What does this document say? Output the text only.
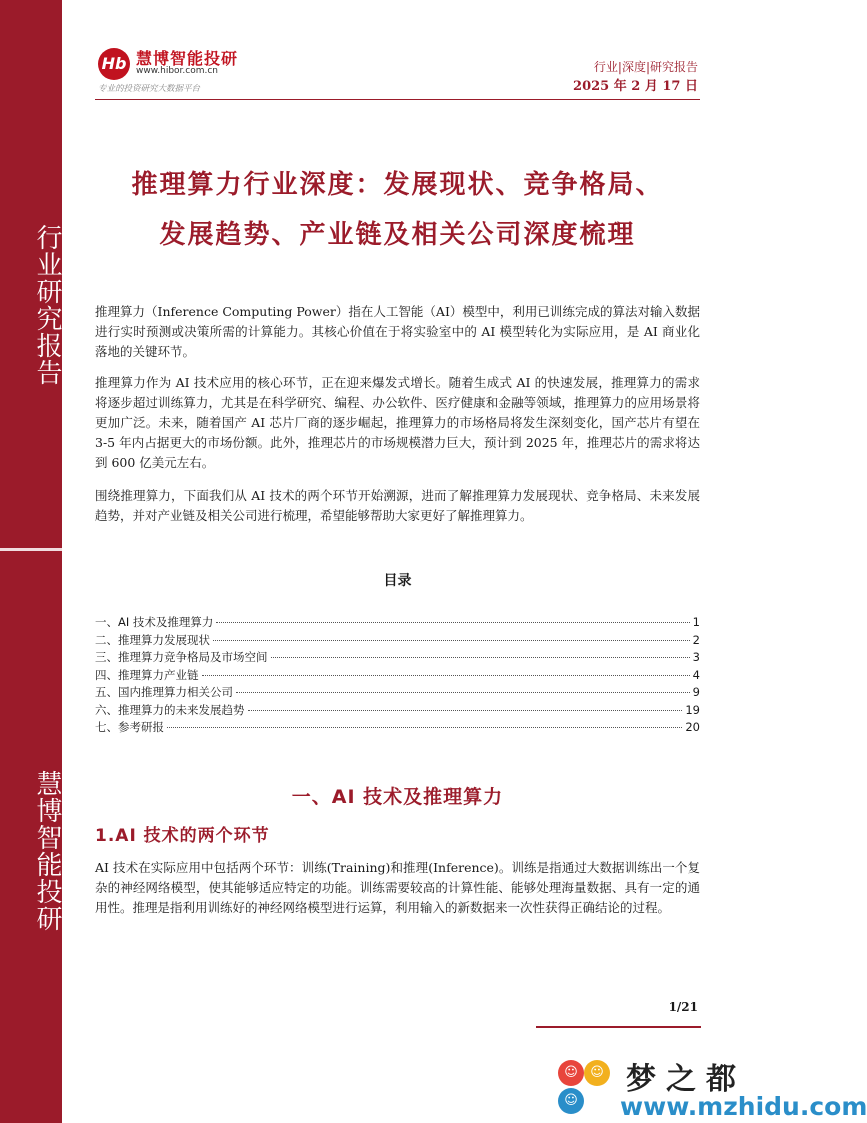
行业研究报告
慧博智能投研
Hb 慧博智能投研
www.hibor.com.cn
专业的投资研究大数据平台
行业|深度|研究报告
2025 年 2 月 17 日
推理算力行业深度：发展现状、竞争格局、
发展趋势、产业链及相关公司深度梳理

推理算力（Inference Computing Power）指在人工智能（AI）模型中，利用已训练完成的算法对输入数据进行实时预测或决策所需的计算能力。其核心价值在于将实验室中的 AI 模型转化为实际应用，是 AI 商业化落地的关键环节。

推理算力作为 AI 技术应用的核心环节，正在迎来爆发式增长。随着生成式 AI 的快速发展，推理算力的需求将逐步超过训练算力，尤其是在科学研究、编程、办公软件、医疗健康和金融等领域，推理算力的应用场景将更加广泛。未来，随着国产 AI 芯片厂商的逐步崛起，推理算力的市场格局将发生深刻变化，国产芯片有望在 3-5 年内占据更大的市场份额。此外，推理芯片的市场规模潜力巨大，预计到 2025 年，推理芯片的需求将达到 600 亿美元左右。

围绕推理算力，下面我们从 AI 技术的两个环节开始溯源，进而了解推理算力发展现状、竞争格局、未来发展趋势，并对产业链及相关公司进行梳理，希望能够帮助大家更好了解推理算力。

目录
一、AI 技术及推理算力	1
二、推理算力发展现状	2
三、推理算力竞争格局及市场空间	3
四、推理算力产业链	4
五、国内推理算力相关公司	9
六、推理算力的未来发展趋势	19
七、参考研报	20
一、AI 技术及推理算力
1.AI 技术的两个环节

AI 技术在实际应用中包括两个环节：训练(Training)和推理(Inference)。训练是指通过大数据训练出一个复杂的神经网络模型，使其能够适应特定的功能。训练需要较高的计算性能、能够处理海量数据、具有一定的通用性。推理是指利用训练好的神经网络模型进行运算，利用输入的新数据来一次性获得正确结论的过程。

1/21
☺ ☺
☺
梦之都
www.mzhidu.com
